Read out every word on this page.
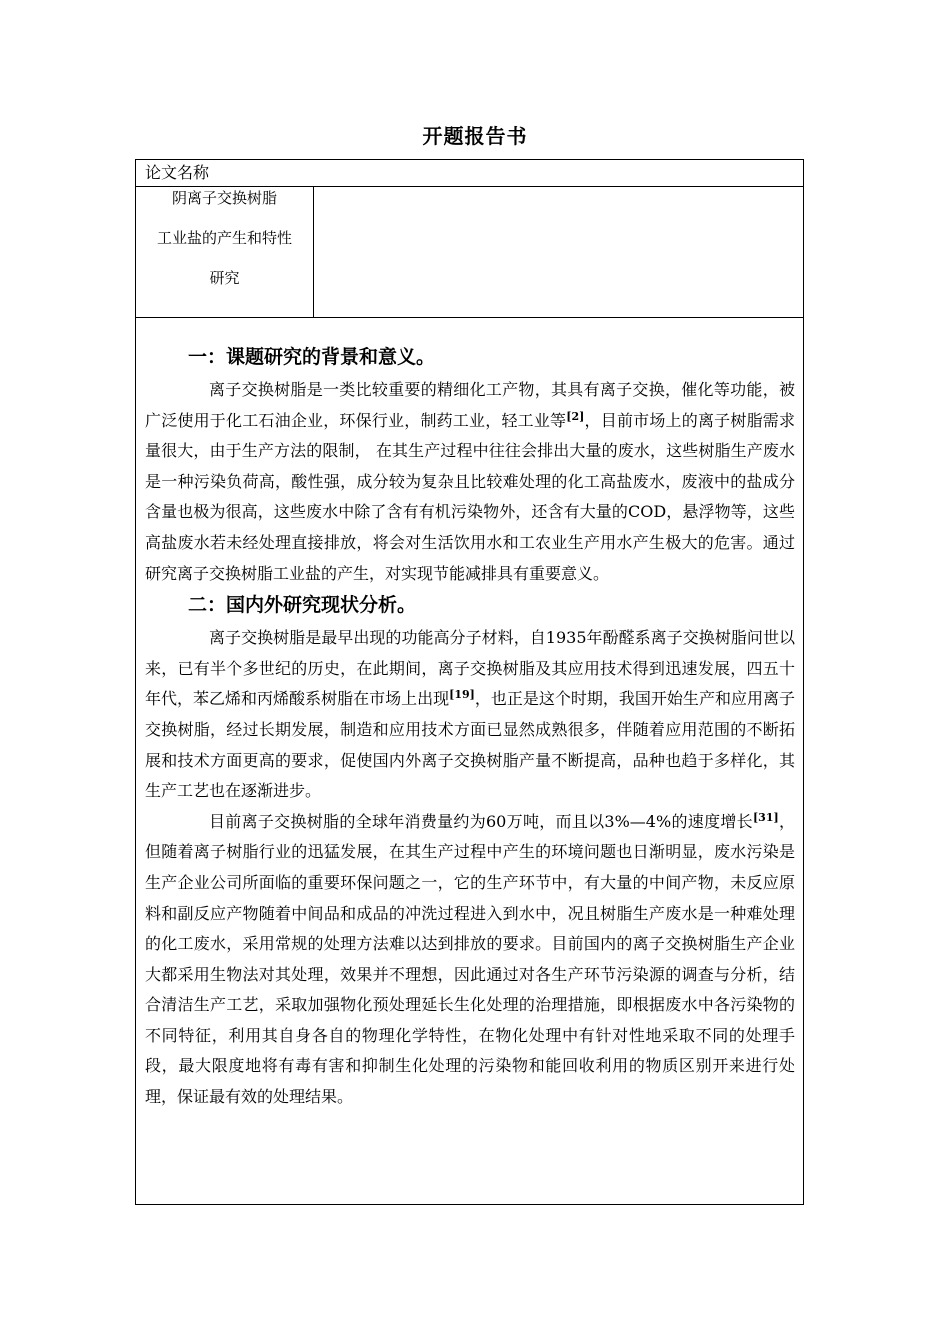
开题报告书
论文名称
阴离子交换树脂
工业盐的产生和特性
研究
一：课题研究的背景和意义。

离子交换树脂是一类比较重要的精细化工产物，其具有离子交换，催化等功能，被广泛使用于化工石油企业，环保行业，制药工业，轻工业等[2]，目前市场上的离子树脂需求量很大，由于生产方法的限制， 在其生产过程中往往会排出大量的废水，这些树脂生产废水是一种污染负荷高，酸性强，成分较为复杂且比较难处理的化工高盐废水，废液中的盐成分含量也极为很高，这些废水中除了含有有机污染物外，还含有大量的COD，悬浮物等，这些高盐废水若未经处理直接排放，将会对生活饮用水和工农业生产用水产生极大的危害。通过研究离子交换树脂工业盐的产生，对实现节能减排具有重要意义。

二：国内外研究现状分析。

离子交换树脂是最早出现的功能高分子材料，自1935年酚醛系离子交换树脂问世以来，已有半个多世纪的历史，在此期间，离子交换树脂及其应用技术得到迅速发展，四五十年代，苯乙烯和丙烯酸系树脂在市场上出现[19]，也正是这个时期，我国开始生产和应用离子交换树脂，经过长期发展，制造和应用技术方面已显然成熟很多，伴随着应用范围的不断拓展和技术方面更高的要求，促使国内外离子交换树脂产量不断提高，品种也趋于多样化，其生产工艺也在逐渐进步。

目前离子交换树脂的全球年消费量约为60万吨，而且以3%—4%的速度增长[31]，但随着离子树脂行业的迅猛发展，在其生产过程中产生的环境问题也日渐明显，废水污染是生产企业公司所面临的重要环保问题之一，它的生产环节中，有大量的中间产物，未反应原料和副反应产物随着中间品和成品的冲洗过程进入到水中，况且树脂生产废水是一种难处理的化工废水，采用常规的处理方法难以达到排放的要求。目前国内的离子交换树脂生产企业大都采用生物法对其处理，效果并不理想，因此通过对各生产环节污染源的调查与分析，结合清洁生产工艺，采取加强物化预处理延长生化处理的治理措施，即根据废水中各污染物的不同特征，利用其自身各自的物理化学特性，在物化处理中有针对性地采取不同的处理手段，最大限度地将有毒有害和抑制生化处理的污染物和能回收利用的物质区别开来进行处理，保证最有效的处理结果。
